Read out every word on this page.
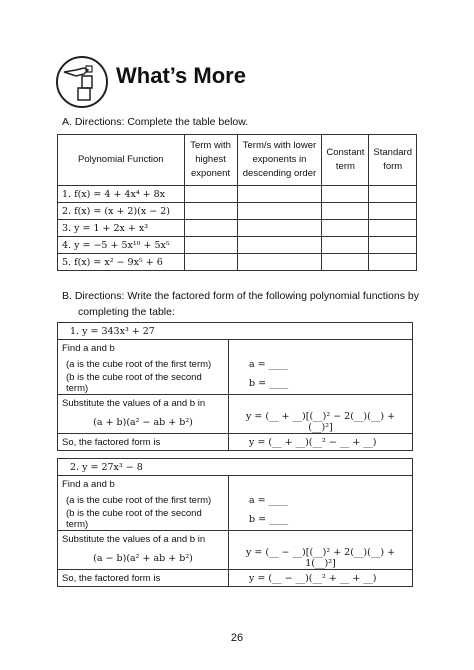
What’s More
A. Directions: Complete the table below.
Polynomial Function	Term with highest exponent	Term/s with lower exponents in descending order	Constant term	Standard form
1. f(x) = 4 + 4x⁴ + 8x				
2. f(x) = (x + 2)(x − 2)				
3. y = 1 + 2x + x³				
4. y = −5 + 5x¹⁰ + 5x⁵				
5. f(x) = x² − 9x⁵ + 6				
B. Directions: Write the factored form of the following polynomial functions by
completing the table:
1. y = 343x³ + 27	
Find a and b	
(a is the cube root of the first term)	a = ____
(b is the cube root of the second term)	b = ____
Substitute the values of a and b in	
(a + b)(a² − ab + b²)	y = (__ + __)[(__)² − 2(__)(__) + (__)²]
So, the factored form is	y = (__ + __)(__² − __ + __)
2. y = 27x³ − 8	
Find a and b	
(a is the cube root of the first term)	a = ____
(b is the cube root of the second term)	b = ____
Substitute the values of a and b in	
(a − b)(a² + ab + b²)	y = (__ − __)[(__)² + 2(__)(__) + 1(__)²]
So, the factored form is	y = (__ − __)(__² + __ + __)
26
